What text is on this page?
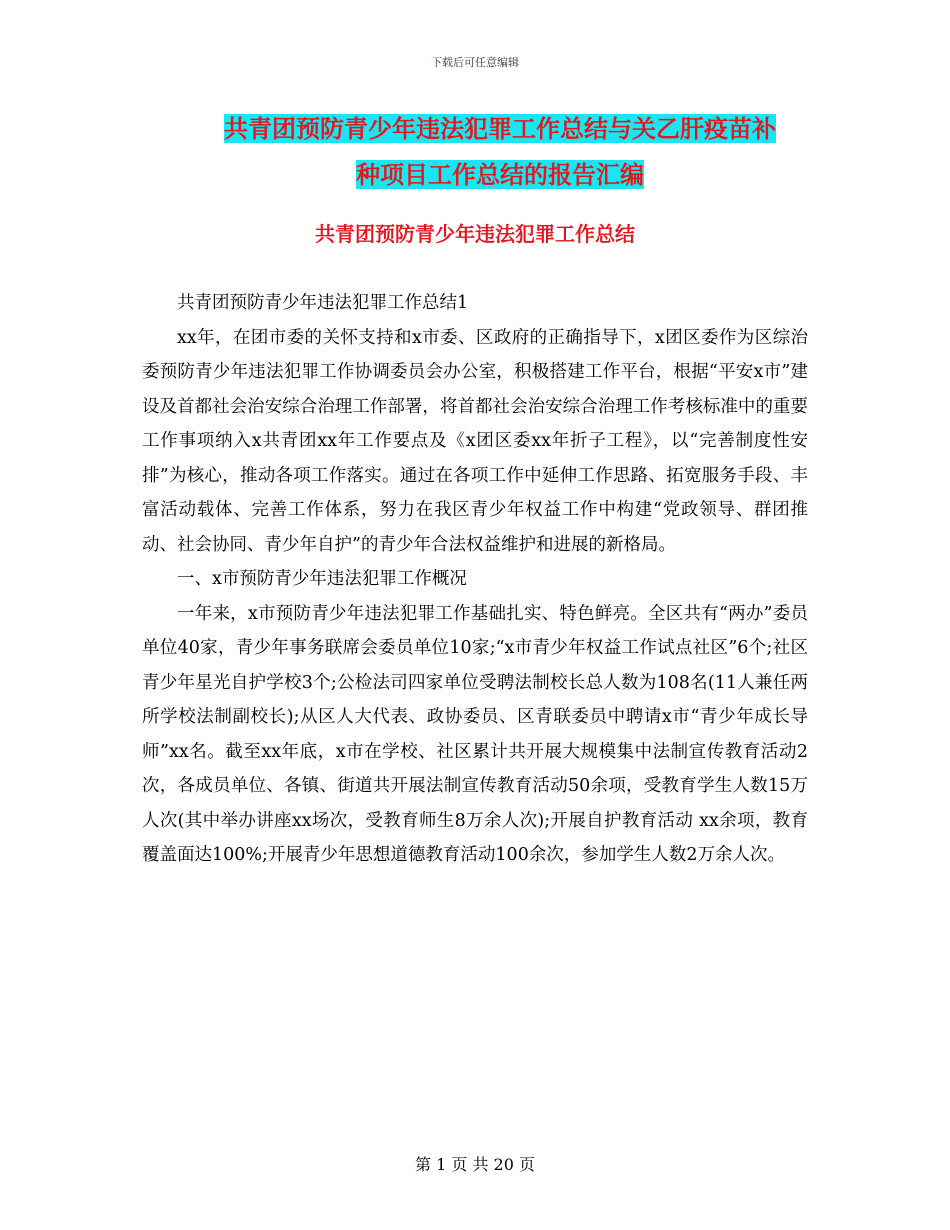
下载后可任意编辑
共青团预防青少年违法犯罪工作总结与关乙肝疫苗补
种项目工作总结的报告汇编
共青团预防青少年违法犯罪工作总结

共青团预防青少年违法犯罪工作总结1

xx年，在团市委的关怀支持和x市委、区政府的正确指导下，x团区委作为区综治委预防青少年违法犯罪工作协调委员会办公室，积极搭建工作平台，根据“平安x市”建设及首都社会治安综合治理工作部署，将首都社会治安综合治理工作考核标准中的重要工作事项纳入x共青团xx年工作要点及《x团区委xx年折子工程》，以“完善制度性安排”为核心，推动各项工作落实。通过在各项工作中延伸工作思路、拓宽服务手段、丰富活动载体、完善工作体系，努力在我区青少年权益工作中构建“党政领导、群团推动、社会协同、青少年自护”的青少年合法权益维护和进展的新格局。

一、x市预防青少年违法犯罪工作概况

一年来，x市预防青少年违法犯罪工作基础扎实、特色鲜亮。全区共有“两办”委员单位40家，青少年事务联席会委员单位10家;“x市青少年权益工作试点社区”6个;社区青少年星光自护学校3个;公检法司四家单位受聘法制校长总人数为108名(11人兼任两所学校法制副校长);从区人大代表、政协委员、区青联委员中聘请x市“青少年成长导师”xx名。截至xx年底，x市在学校、社区累计共开展大规模集中法制宣传教育活动2次，各成员单位、各镇、街道共开展法制宣传教育活动50余项，受教育学生人数15万人次(其中举办讲座xx场次，受教育师生8万余人次);开展自护教育活动 xx余项，教育覆盖面达100%;开展青少年思想道德教育活动100余次，参加学生人数2万余人次。

第 1 页 共 20 页
